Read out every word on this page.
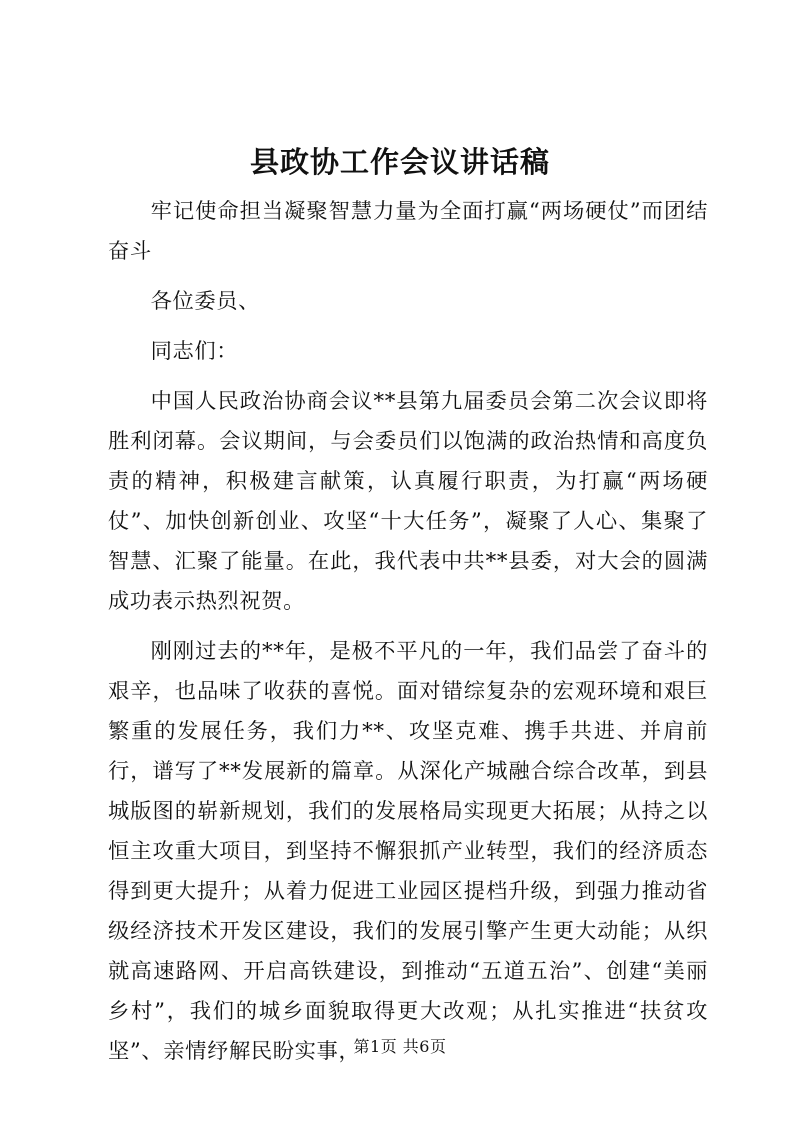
县政协工作会议讲话稿

牢记使命担当凝聚智慧力量为全面打赢“两场硬仗”而团结奋斗

各位委员、

同志们：

中国人民政治协商会议**县第九届委员会第二次会议即将胜利闭幕。会议期间，与会委员们以饱满的政治热情和高度负责的精神，积极建言献策，认真履行职责，为打赢“两场硬仗”、加快创新创业、攻坚“十大任务”，凝聚了人心、集聚了智慧、汇聚了能量。在此，我代表中共**县委，对大会的圆满成功表示热烈祝贺。

刚刚过去的**年，是极不平凡的一年，我们品尝了奋斗的艰辛，也品味了收获的喜悦。面对错综复杂的宏观环境和艰巨繁重的发展任务，我们力**、攻坚克难、携手共进、并肩前行，谱写了**发展新的篇章。从深化产城融合综合改革，到县城版图的崭新规划，我们的发展格局实现更大拓展；从持之以恒主攻重大项目，到坚持不懈狠抓产业转型，我们的经济质态得到更大提升；从着力促进工业园区提档升级，到强力推动省级经济技术开发区建设，我们的发展引擎产生更大动能；从织就高速路网、开启高铁建设，到推动“五道五治”、创建“美丽乡村”，我们的城乡面貌取得更大改观；从扎实推进“扶贫攻坚”、亲情纾解民盼实事，

第1页 共6页
